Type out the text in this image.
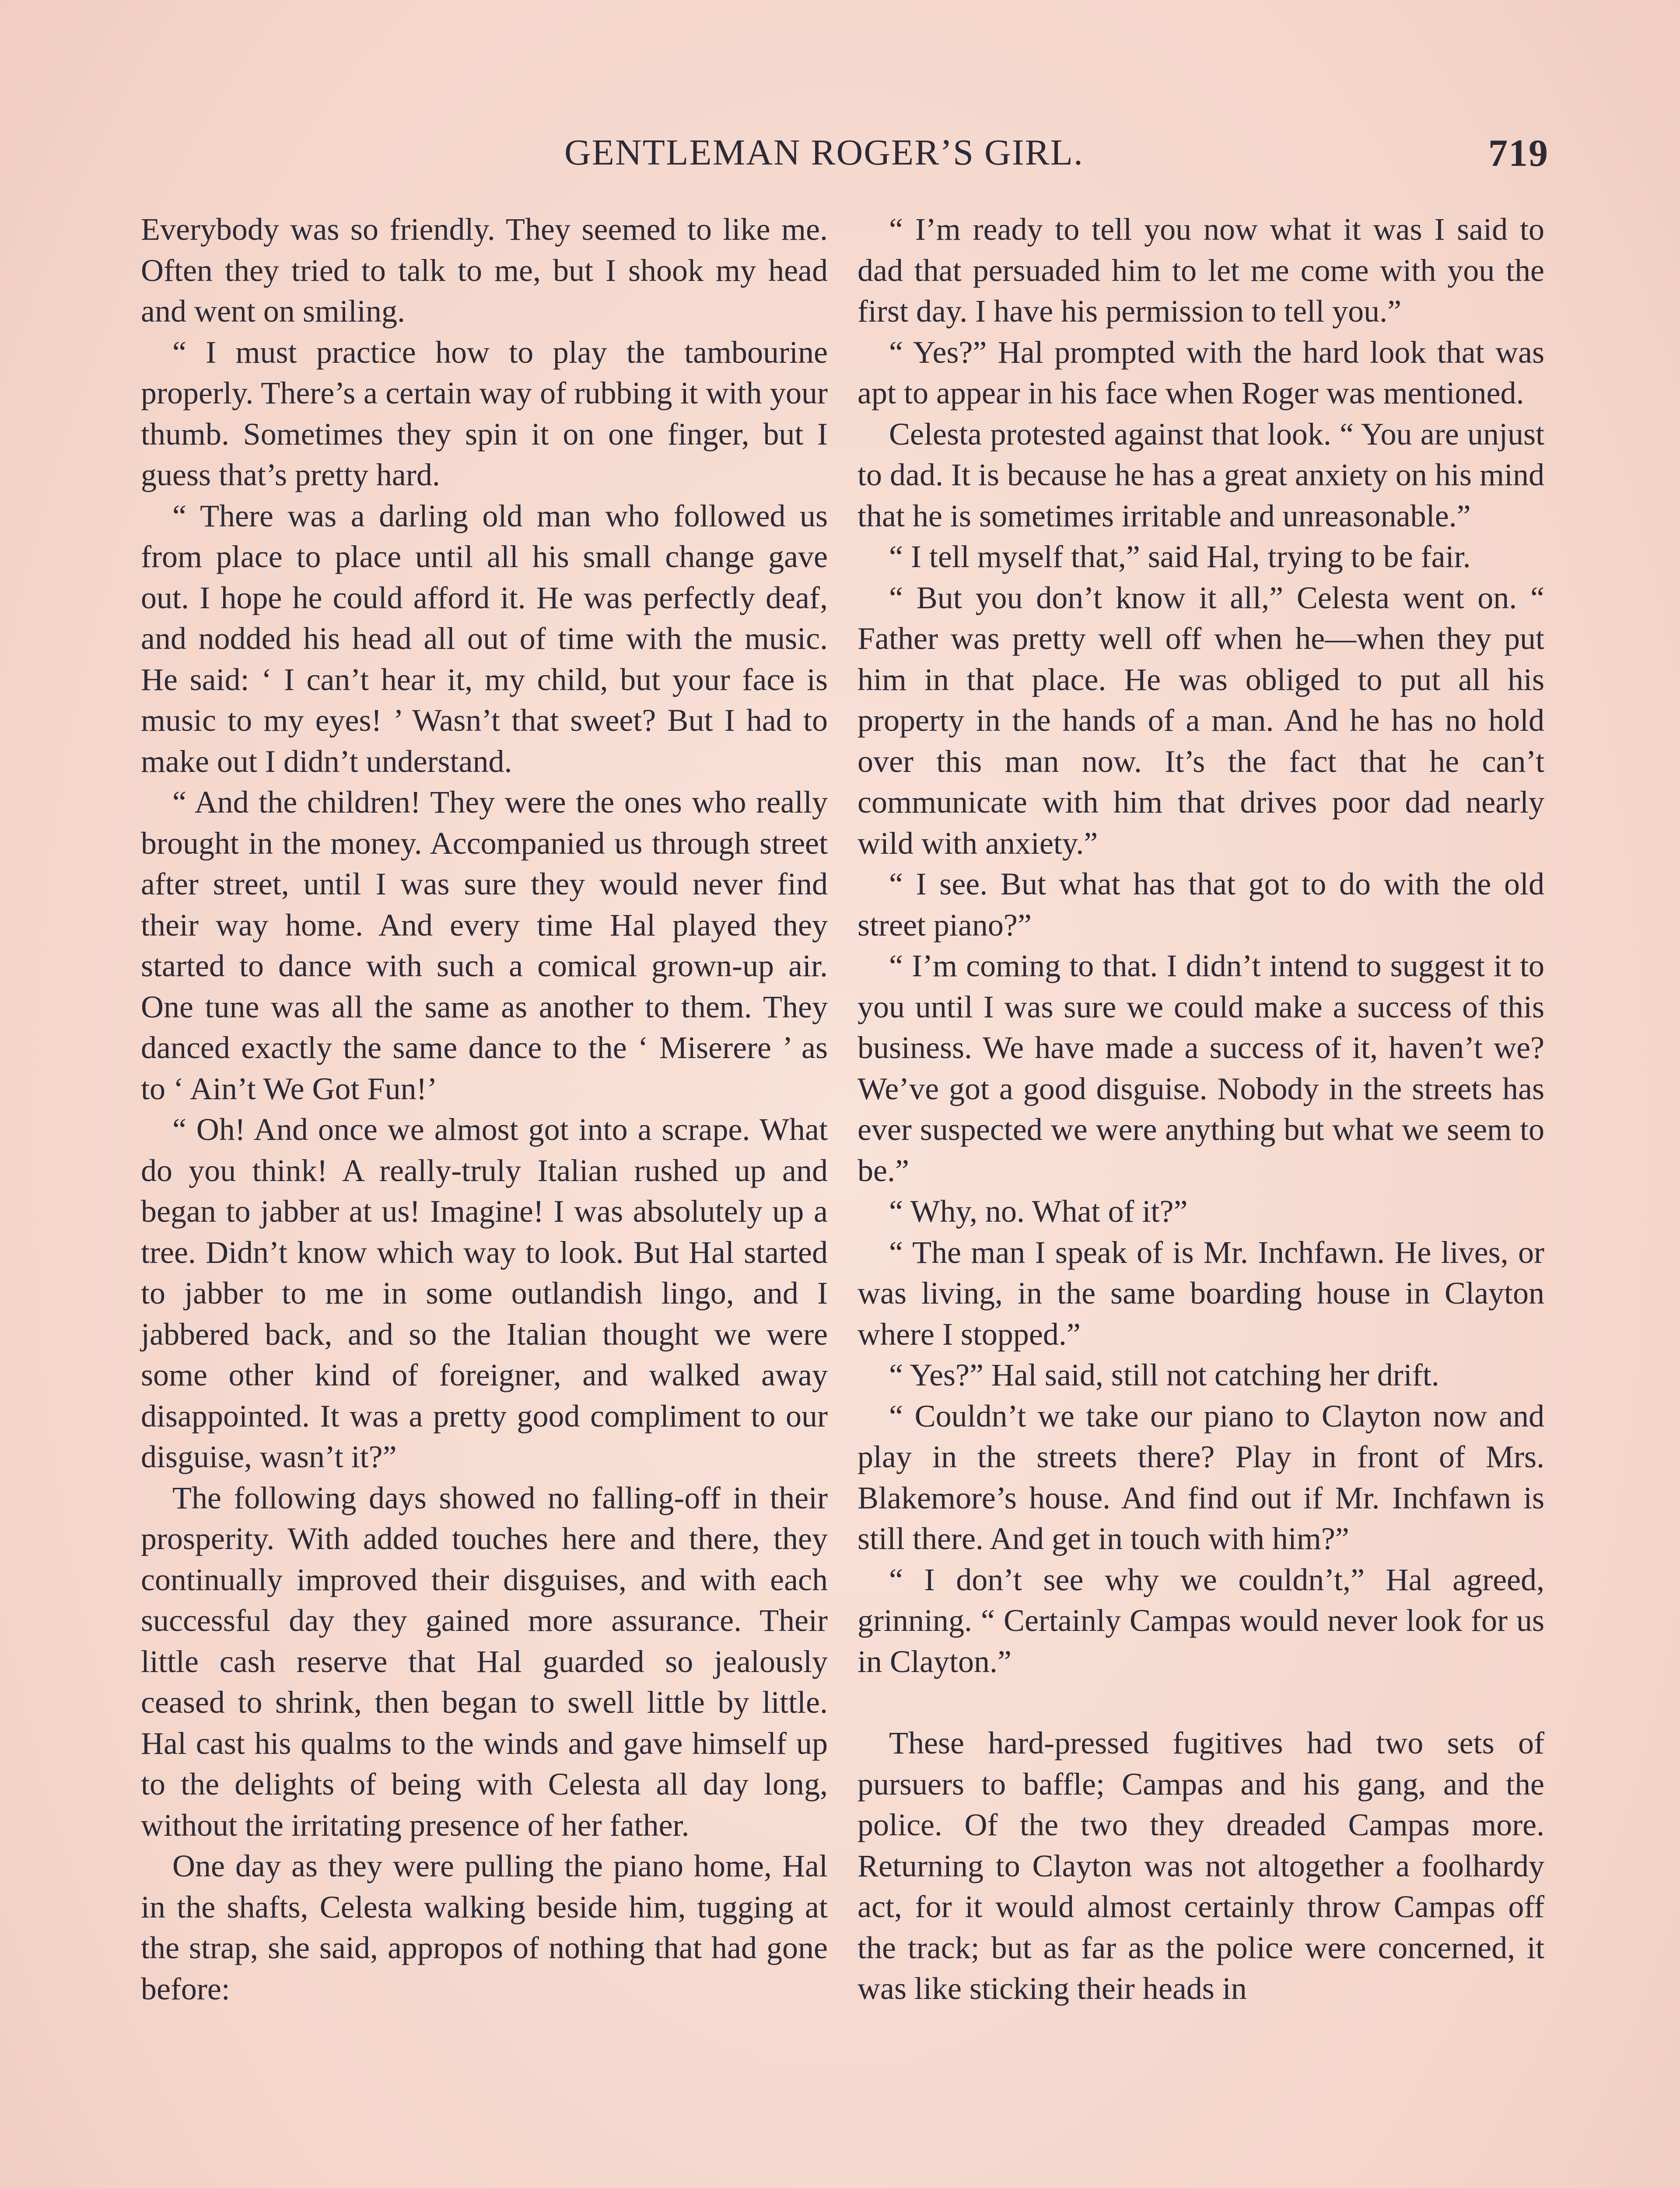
GENTLEMAN ROGER’S GIRL.	719

Everybody was so friendly. They seemed to like me. Often they tried to talk to me, but I shook my head and went on smiling.

“ I must practice how to play the tambourine properly. There’s a certain way of rubbing it with your thumb. Sometimes they spin it on one finger, but I guess that’s pretty hard.

“ There was a darling old man who followed us from place to place until all his small change gave out. I hope he could afford it. He was perfectly deaf, and nodded his head all out of time with the music. He said: ‘ I can’t hear it, my child, but your face is music to my eyes! ’ Wasn’t that sweet? But I had to make out I didn’t understand.

“ And the children! They were the ones who really brought in the money. Accompanied us through street after street, until I was sure they would never find their way home. And every time Hal played they started to dance with such a comical grown-up air. One tune was all the same as another to them. They danced exactly the same dance to the ‘ Miserere ’ as to ‘ Ain’t We Got Fun!’

“ Oh! And once we almost got into a scrape. What do you think! A really-truly Italian rushed up and began to jabber at us! Imagine! I was absolutely up a tree. Didn’t know which way to look. But Hal started to jabber to me in some outlandish lingo, and I jabbered back, and so the Italian thought we were some other kind of foreigner, and walked away disappointed. It was a pretty good compliment to our disguise, wasn’t it?”

The following days showed no falling-off in their prosperity. With added touches here and there, they continually improved their disguises, and with each successful day they gained more assurance. Their little cash reserve that Hal guarded so jealously ceased to shrink, then began to swell little by little. Hal cast his qualms to the winds and gave himself up to the delights of being with Celesta all day long, without the irritating presence of her father.

One day as they were pulling the piano home, Hal in the shafts, Celesta walking beside him, tugging at the strap, she said, appropos of nothing that had gone before:

“ I’m ready to tell you now what it was I said to dad that persuaded him to let me come with you the first day. I have his permission to tell you.”

“ Yes?” Hal prompted with the hard look that was apt to appear in his face when Roger was mentioned.

Celesta protested against that look. “ You are unjust to dad. It is because he has a great anxiety on his mind that he is sometimes irritable and unreasonable.”

“ I tell myself that,” said Hal, trying to be fair.

“ But you don’t know it all,” Celesta went on. “ Father was pretty well off when he—when they put him in that place. He was obliged to put all his property in the hands of a man. And he has no hold over this man now. It’s the fact that he can’t communicate with him that drives poor dad nearly wild with anxiety.”

“ I see. But what has that got to do with the old street piano?”

“ I’m coming to that. I didn’t intend to suggest it to you until I was sure we could make a success of this business. We have made a success of it, haven’t we? We’ve got a good disguise. Nobody in the streets has ever suspected we were anything but what we seem to be.”

“ Why, no. What of it?”

“ The man I speak of is Mr. Inchfawn. He lives, or was living, in the same boarding house in Clayton where I stopped.”

“ Yes?” Hal said, still not catching her drift.

“ Couldn’t we take our piano to Clayton now and play in the streets there? Play in front of Mrs. Blakemore’s house. And find out if Mr. Inchfawn is still there. And get in touch with him?”

“ I don’t see why we couldn’t,” Hal agreed, grinning. “ Certainly Campas would never look for us in Clayton.”

These hard-pressed fugitives had two sets of pursuers to baffle; Campas and his gang, and the police. Of the two they dreaded Campas more. Returning to Clayton was not altogether a foolhardy act, for it would almost certainly throw Campas off the track; but as far as the police were concerned, it was like sticking their heads in
